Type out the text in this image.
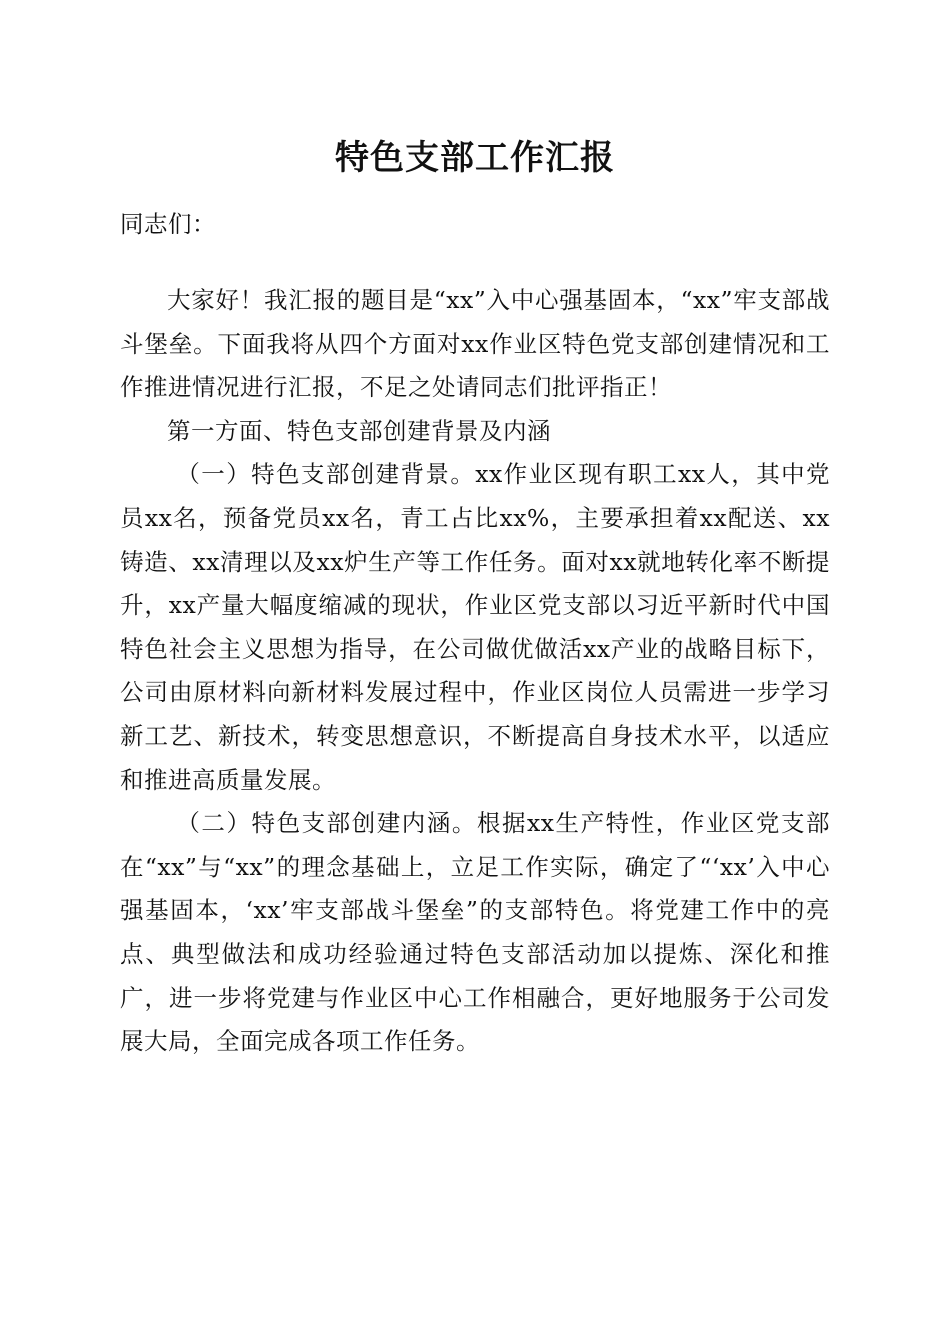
特色支部工作汇报
同志们：

大家好！我汇报的题目是“xx”入中心强基固本，“xx”牢支部战斗堡垒。下面我将从四个方面对xx作业区特色党支部创建情况和工作推进情况进行汇报，不足之处请同志们批评指正！

第一方面、特色支部创建背景及内涵

（一）特色支部创建背景。xx作业区现有职工xx人，其中党员xx名，预备党员xx名，青工占比xx%，主要承担着xx配送、xx铸造、xx清理以及xx炉生产等工作任务。面对xx就地转化率不断提升，xx产量大幅度缩减的现状，作业区党支部以习近平新时代中国特色社会主义思想为指导，在公司做优做活xx产业的战略目标下，公司由原材料向新材料发展过程中，作业区岗位人员需进一步学习新工艺、新技术，转变思想意识，不断提高自身技术水平，以适应和推进高质量发展。

（二）特色支部创建内涵。根据xx生产特性，作业区党支部在“xx”与“xx”的理念基础上，立足工作实际，确定了“‘xx’入中心强基固本，‘xx’牢支部战斗堡垒”的支部特色。将党建工作中的亮点、典型做法和成功经验通过特色支部活动加以提炼、深化和推广，进一步将党建与作业区中心工作相融合，更好地服务于公司发展大局，全面完成各项工作任务。
